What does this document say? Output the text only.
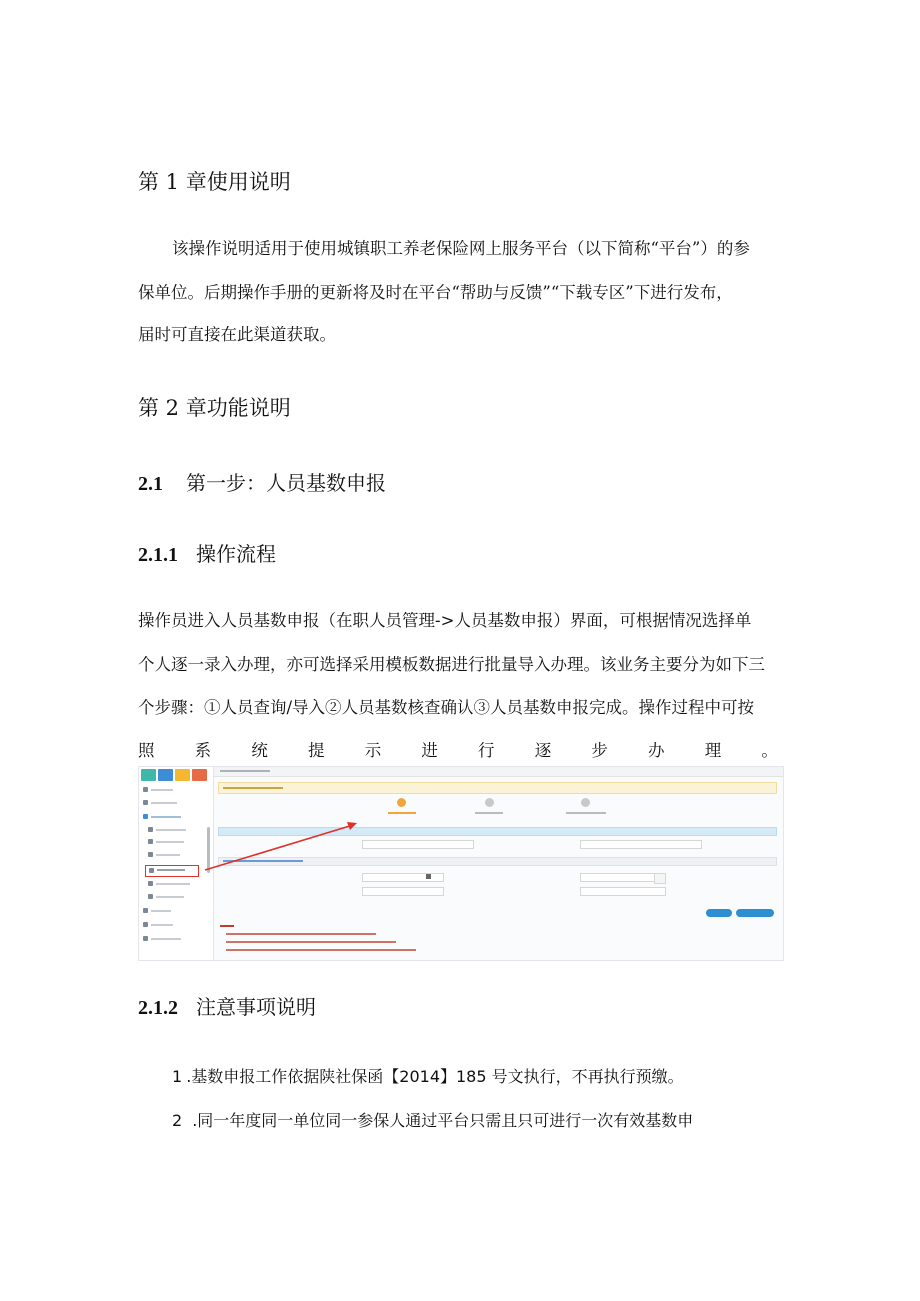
第 1 章使用说明
该操作说明适用于使用城镇职工养老保险网上服务平台（以下简称“平台”）的参
保单位。后期操作手册的更新将及时在平台“帮助与反馈”“下载专区”下进行发布，
届时可直接在此渠道获取。
第 2 章功能说明
2.1 第一步：人员基数申报
2.1.1 操作流程
操作员进入人员基数申报（在职人员管理->人员基数申报）界面，可根据情况选择单
个人逐一录入办理，亦可选择采用模板数据进行批量导入办理。该业务主要分为如下三
个步骤：①人员查询/导入②人员基数核查确认③人员基数申报完成。操作过程中可按
照 系 统 提 示 进 行 逐 步 办 理 。
2.1.2 注意事项说明
1 .基数申报工作依据陕社保函【2014】185 号文执行，不再执行预缴。
2 .同一年度同一单位同一参保人通过平台只需且只可进行一次有效基数申
